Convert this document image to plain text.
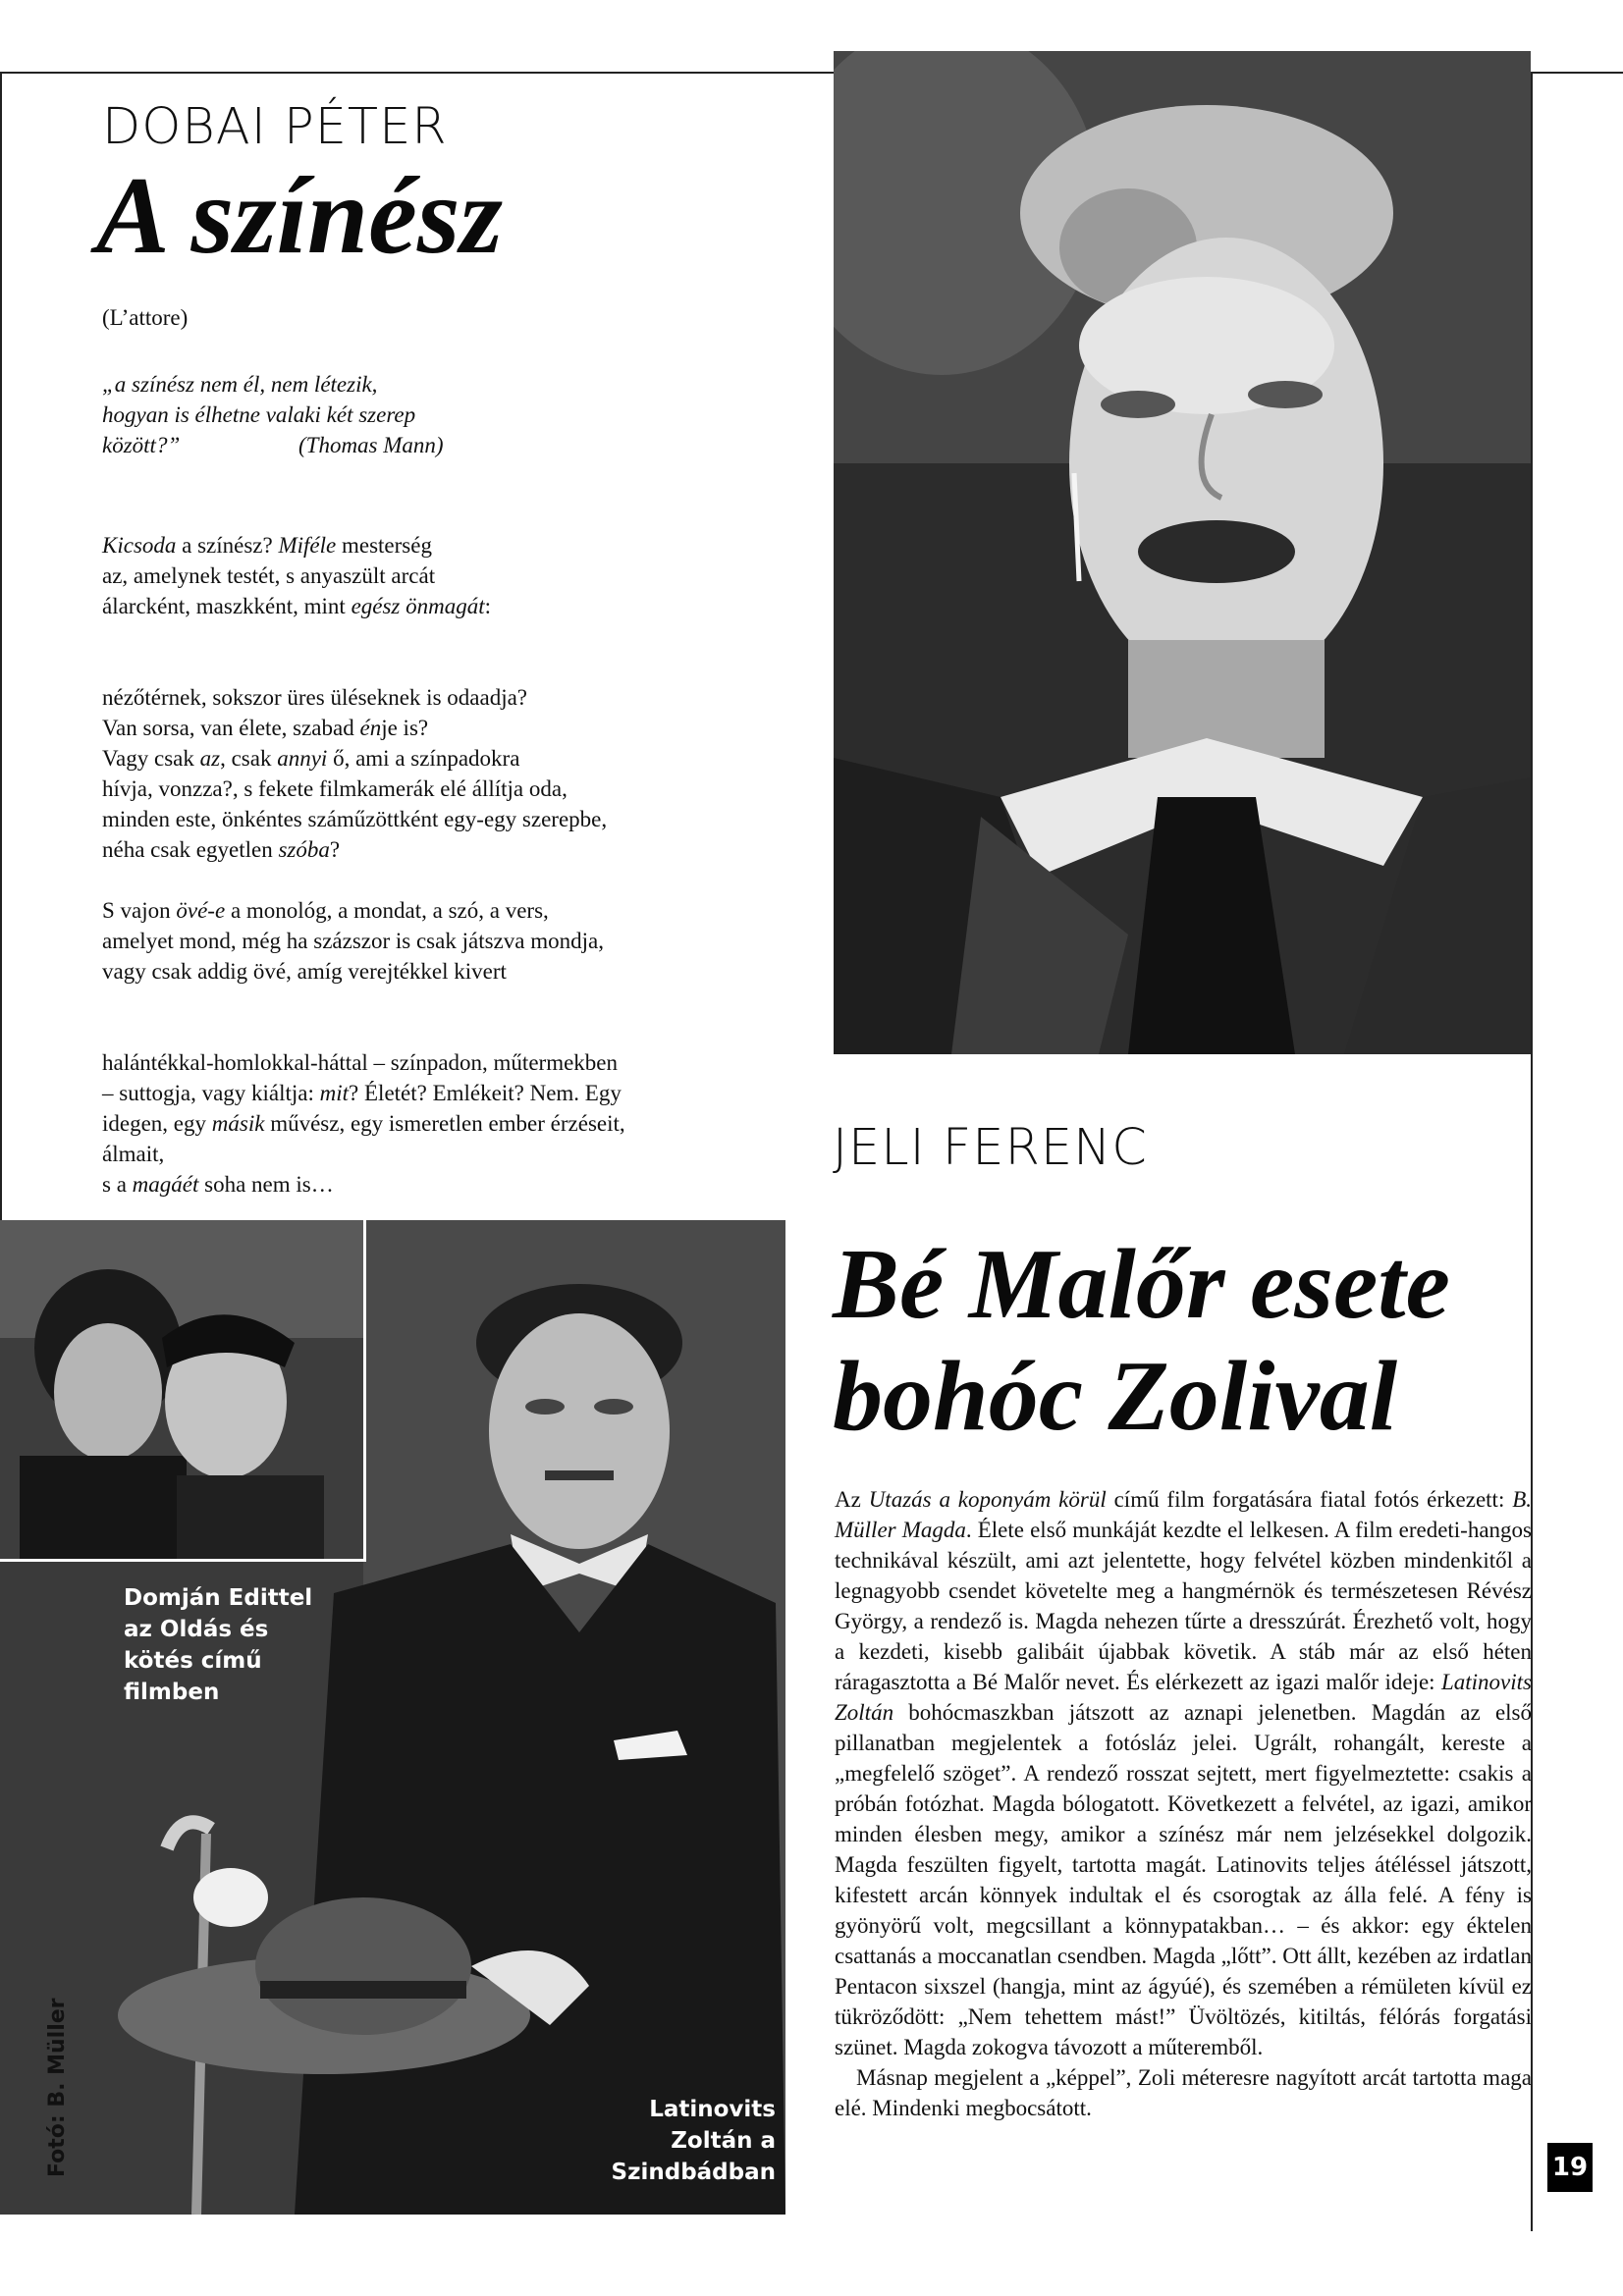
DOBAI PÉTER
A színész
(L’attore)

„a színész nem él, nem létezik,

hogyan is élhetne valaki két szerep

között?”	(Thomas Mann)

Kicsoda a színész? Miféle mesterség

az, amelynek testét, s anyaszült arcát

álarcként, maszkként, mint egész önmagát:

nézőtérnek, sokszor üres üléseknek is odaadja?

Van sorsa, van élete, szabad énje is?

Vagy csak az, csak annyi ő, ami a színpadokra

hívja, vonzza?, s fekete filmkamerák elé állítja oda,

minden este, önkéntes száműzöttként egy-egy szerepbe,

néha csak egyetlen szóba?

S vajon övé-e a monológ, a mondat, a szó, a vers,

amelyet mond, még ha százszor is csak játszva mondja,

vagy csak addig övé, amíg verejtékkel kivert

halántékkal-homlokkal-háttal – színpadon, műtermekben

– suttogja, vagy kiáltja: mit? Életét? Emlékeit? Nem. Egy

idegen, egy másik művész, egy ismeretlen ember érzéseit,

álmait,

s a magáét soha nem is…

Domján Edittel
az Oldás és
kötés című
filmben
Latinovits
Zoltán a
Szindbádban
Fotó: B. Müller
JELI FERENC
Bé Malőr esete
bohóc Zolival

Az Utazás a koponyám körül című film forgatására fiatal fotós érkezett: B. Müller Magda. Élete első munkáját kezdte el lelkesen. A film eredeti-hangos technikával készült, ami azt jelentette, hogy felvétel közben mindenkitől a legnagyobb csendet követelte meg a hangmérnök és természetesen Révész György, a rendező is. Magda nehezen tűrte a dresszúrát. Érezhető volt, hogy a kezdeti, kisebb galibáit újabbak követik. A stáb már az első héten ráragasztotta a Bé Malőr nevet. És elérkezett az igazi malőr ideje: Latinovits Zoltán bohócmaszkban játszott az aznapi jelenetben. Magdán az első pillanatban megjelentek a fotósláz jelei. Ugrált, rohangált, kereste a „megfelelő szöget”. A rendező rosszat sejtett, mert figyelmeztette: csakis a próbán fotózhat. Magda bólogatott. Következett a felvétel, az igazi, amikor minden élesben megy, amikor a színész már nem jelzésekkel dolgozik. Magda feszülten figyelt, tartotta magát. Latinovits teljes átéléssel játszott, kifestett arcán könnyek indultak el és csorogtak az álla felé. A fény is gyönyörű volt, megcsillant a könnypatakban… – és akkor: egy éktelen csattanás a moccanatlan csendben. Magda „lőtt”. Ott állt, kezében az irdatlan Pentacon sixszel (hangja, mint az ágyúé), és szemében a rémületen kívül ez tükröződött: „Nem tehettem mást!” Üvöltözés, kitiltás, félórás forgatási szünet. Magda zokogva távozott a műteremből.

Másnap megjelent a „képpel”, Zoli méteresre nagyított arcát tartotta maga elé. Mindenki megbocsátott.

19
